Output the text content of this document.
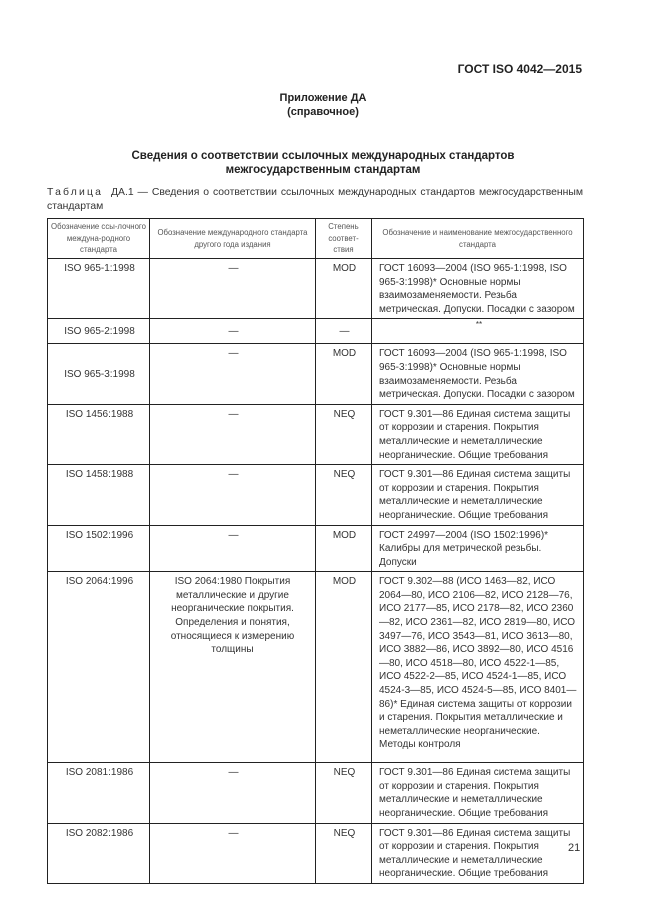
ГОСТ ISO 4042—2015
Приложение ДА
(справочное)
Сведения о соответствии ссылочных международных стандартов
межгосударственным стандартам
Таблица ДА.1 — Сведения о соответствии ссылочных международных стандартов межгосударственным стандартам
Обозначение ссы-лочного междуна-родного стандарта	Обозначение международного стандарта другого года издания	Степень соответ-ствия	Обозначение и наименование межгосударственного стандарта
ISO 965-1:1998	—	MOD	ГОСТ 16093—2004 (ISO 965-1:1998, ISO 965-3:1998)* Основные нормы взаимозаменяемости. Резьба метрическая. Допуски. Посадки с зазором
ISO 965-2:1998	—	—	**
ISO 965-3:1998	—	MOD	ГОСТ 16093—2004 (ISO 965-1:1998, ISO 965-3:1998)* Основные нормы взаимозаменяемости. Резьба метрическая. Допуски. Посадки с зазором
ISO 1456:1988	—	NEQ	ГОСТ 9.301—86 Единая система защиты от коррозии и старения. Покрытия металлические и неметаллические неорганические. Общие требования
ISO 1458:1988	—	NEQ	ГОСТ 9.301—86 Единая система защиты от коррозии и старения. Покрытия металлические и неметаллические неорганические. Общие требования
ISO 1502:1996	—	MOD	ГОСТ 24997—2004 (ISO 1502:1996)* Калибры для метрической резьбы. Допуски
ISO 2064:1996	ISO 2064:1980 Покрытия металлические и другие неорганические покрытия. Определения и понятия, относящиеся к измерению толщины	MOD	ГОСТ 9.302—88 (ИСО 1463—82, ИСО 2064—80, ИСО 2106—82, ИСО 2128—76, ИСО 2177—85, ИСО 2178—82, ИСО 2360—82, ИСО 2361—82, ИСО 2819—80, ИСО 3497—76, ИСО 3543—81, ИСО 3613—80, ИСО 3882—86, ИСО 3892—80, ИСО 4516—80, ИСО 4518—80, ИСО 4522-1—85, ИСО 4522-2—85, ИСО 4524-1—85, ИСО 4524-3—85, ИСО 4524-5—85, ИСО 8401—86)* Единая система защиты от коррозии и старения. Покрытия металлические и неметаллические неорганические. Методы контроля
ISO 2081:1986	—	NEQ	ГОСТ 9.301—86 Единая система защиты от коррозии и старения. Покрытия металлические и неметаллические неорганические. Общие требования
ISO 2082:1986	—	NEQ	ГОСТ 9.301—86 Единая система защиты от коррозии и старения. Покрытия металлические и неметаллические неорганические. Общие требования
21
